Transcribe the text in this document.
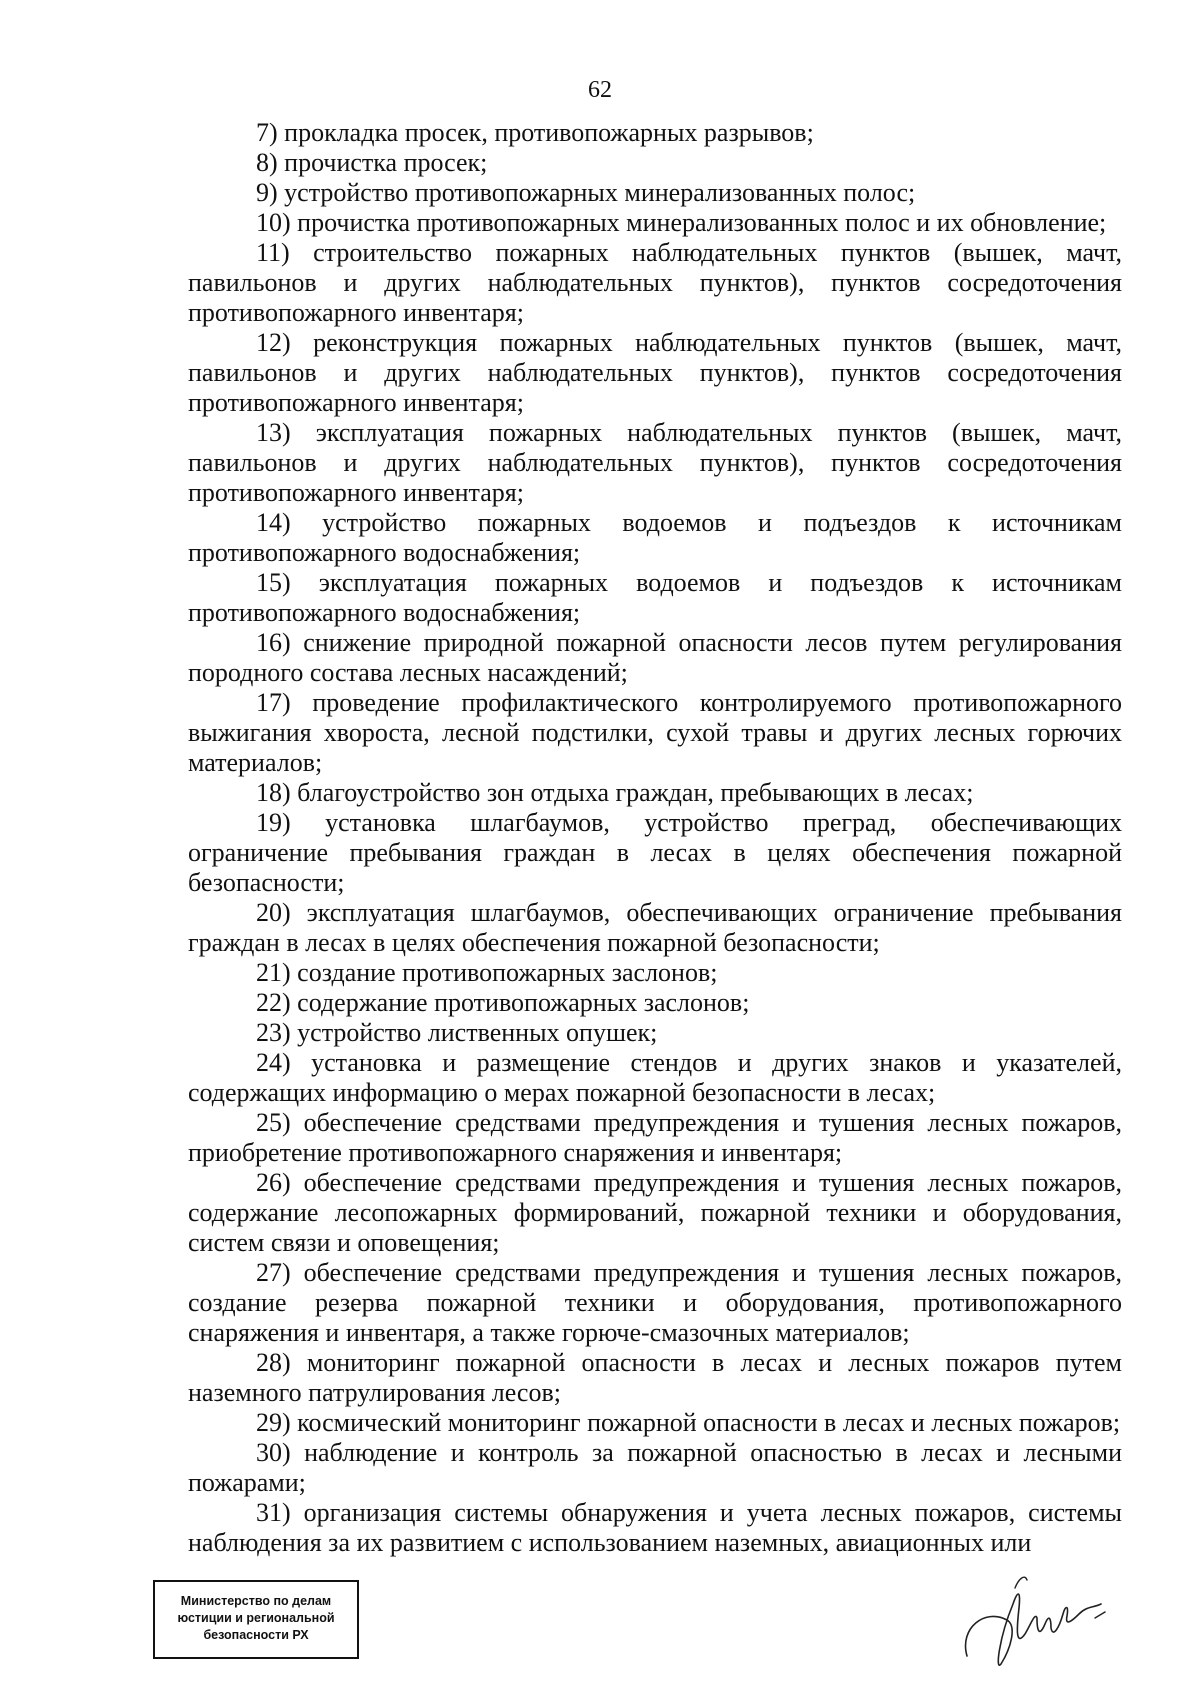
62

7) прокладка просек, противопожарных разрывов;

8) прочистка просек;

9) устройство противопожарных минерализованных полос;

10) прочистка противопожарных минерализованных полос и их обновление;

11) строительство пожарных наблюдательных пунктов (вышек, мачт, павильонов и других наблюдательных пунктов), пунктов сосредоточения противопожарного инвентаря;

12) реконструкция пожарных наблюдательных пунктов (вышек, мачт, павильонов и других наблюдательных пунктов), пунктов сосредоточения противопожарного инвентаря;

13) эксплуатация пожарных наблюдательных пунктов (вышек, мачт, павильонов и других наблюдательных пунктов), пунктов сосредоточения противопожарного инвентаря;

14) устройство пожарных водоемов и подъездов к источникам противопожарного водоснабжения;

15) эксплуатация пожарных водоемов и подъездов к источникам противопожарного водоснабжения;

16) снижение природной пожарной опасности лесов путем регулирования породного состава лесных насаждений;

17) проведение профилактического контролируемого противопожарного выжигания хвороста, лесной подстилки, сухой травы и других лесных горючих материалов;

18) благоустройство зон отдыха граждан, пребывающих в лесах;

19) установка шлагбаумов, устройство преград, обеспечивающих ограничение пребывания граждан в лесах в целях обеспечения пожарной безопасности;

20) эксплуатация шлагбаумов, обеспечивающих ограничение пребывания граждан в лесах в целях обеспечения пожарной безопасности;

21) создание противопожарных заслонов;

22) содержание противопожарных заслонов;

23) устройство лиственных опушек;

24) установка и размещение стендов и других знаков и указателей, содержащих информацию о мерах пожарной безопасности в лесах;

25) обеспечение средствами предупреждения и тушения лесных пожаров, приобретение противопожарного снаряжения и инвентаря;

26) обеспечение средствами предупреждения и тушения лесных пожаров, содержание лесопожарных формирований, пожарной техники и оборудования, систем связи и оповещения;

27) обеспечение средствами предупреждения и тушения лесных пожаров, создание резерва пожарной техники и оборудования, противопожарного снаряжения и инвентаря, а также горюче-смазочных материалов;

28) мониторинг пожарной опасности в лесах и лесных пожаров путем наземного патрулирования лесов;

29) космический мониторинг пожарной опасности в лесах и лесных пожаров;

30) наблюдение и контроль за пожарной опасностью в лесах и лесными пожарами;

31) организация системы обнаружения и учета лесных пожаров, системы наблюдения за их развитием с использованием наземных, авиационных или

Министерство по делам
юстиции и региональной
безопасности РХ
